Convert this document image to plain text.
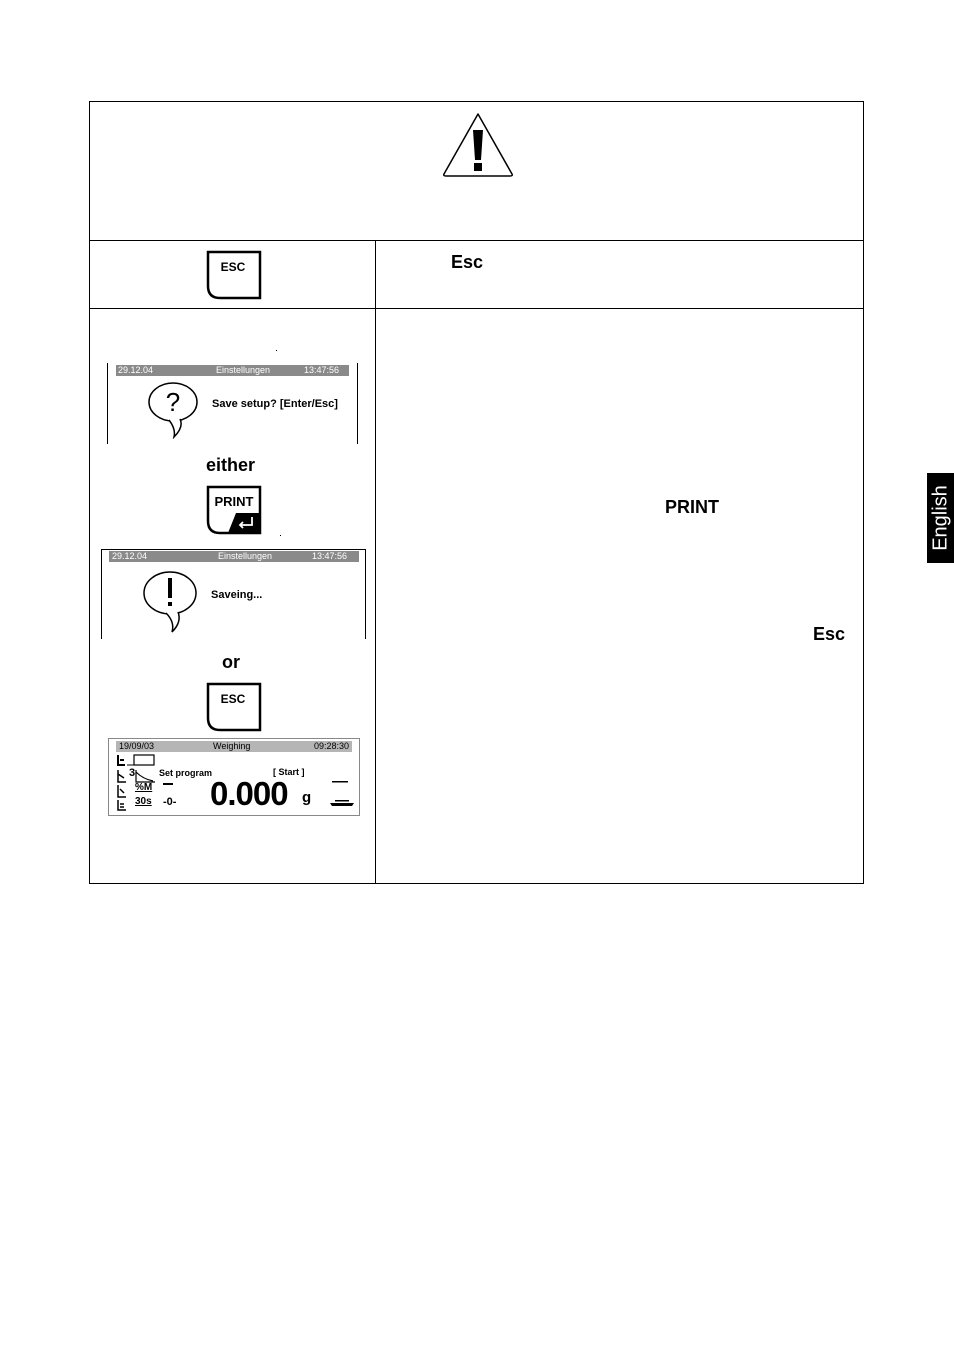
ESC	Esc
29.12.04	Einstellungen	13:47:56
?	Save setup? [Enter/Esc]
either
PRINT
29.12.04	Einstellungen	13:47:56
Saveing...
or
ESC
19/09/03	Weighing	09:28:30
3	Set program	[ Start ]
%M
30s -0- 0.000 g
PRINT
Esc
English
